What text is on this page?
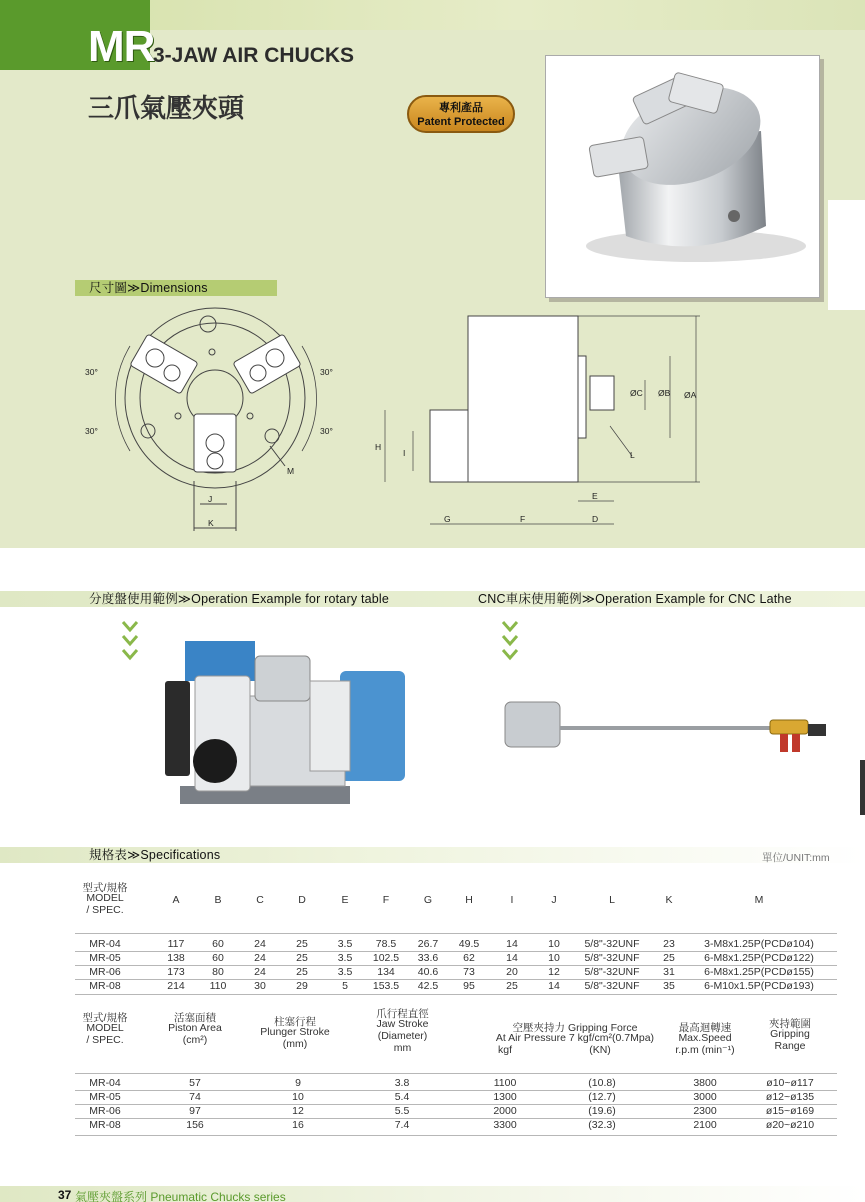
MR
3-JAW AIR CHUCKS
三爪氣壓夾頭	專利產品
Patent Protected
尺寸圖≫Dimensions
30°	30°
30°	30°
M
J
K
H
I
G	F	D
E
L
ØC ØB ØA
分度盤使用範例≫Operation Example for rotary table	CNC車床使用範例≫Operation Example for CNC Lathe
規格表≫Specifications	單位/UNIT:mm
型式/規格
MODEL
/ SPEC.
A	B	C	D	E	F	G	H	I	J	L	K	M
MR-04	117	60	24	25	3.5	78.5	26.7	49.5	14	10	5/8"-32UNF	23	3-M8x1.25P(PCDø104)
MR-05	138	60	24	25	3.5	102.5	33.6	62	14	10	5/8"-32UNF	25	6-M8x1.25P(PCDø122)
MR-06	173	80	24	25	3.5	134	40.6	73	20	12	5/8"-32UNF	31	6-M8x1.25P(PCDø155)
MR-08	214	110	30	29	5	153.5	42.5	95	25	14	5/8"-32UNF	35	6-M10x1.5P(PCDø193)
型式/規格
MODEL
/ SPEC.
活塞面積
Piston Area
(cm²)
柱塞行程
Plunger Stroke
(mm)
爪行程直徑
Jaw Stroke
(Diameter)
mm
空壓夾持力 Gripping Force
At Air Pressure 7 kgf/cm²(0.7Mpa)
kgf	(KN)
最高迴轉速
Max.Speed
r.p.m (min⁻¹)
夾持範圍
Gripping
Range
MR-04	57	9	3.8	1100	(10.8)	3800	ø10~ø117
MR-05	74	10	5.4	1300	(12.7)	3000	ø12~ø135
MR-06	97	12	5.5	2000	(19.6)	2300	ø15~ø169
MR-08	156	16	7.4	3300	(32.3)	2100	ø20~ø210
37 氣壓夾盤系列 Pneumatic Chucks series
